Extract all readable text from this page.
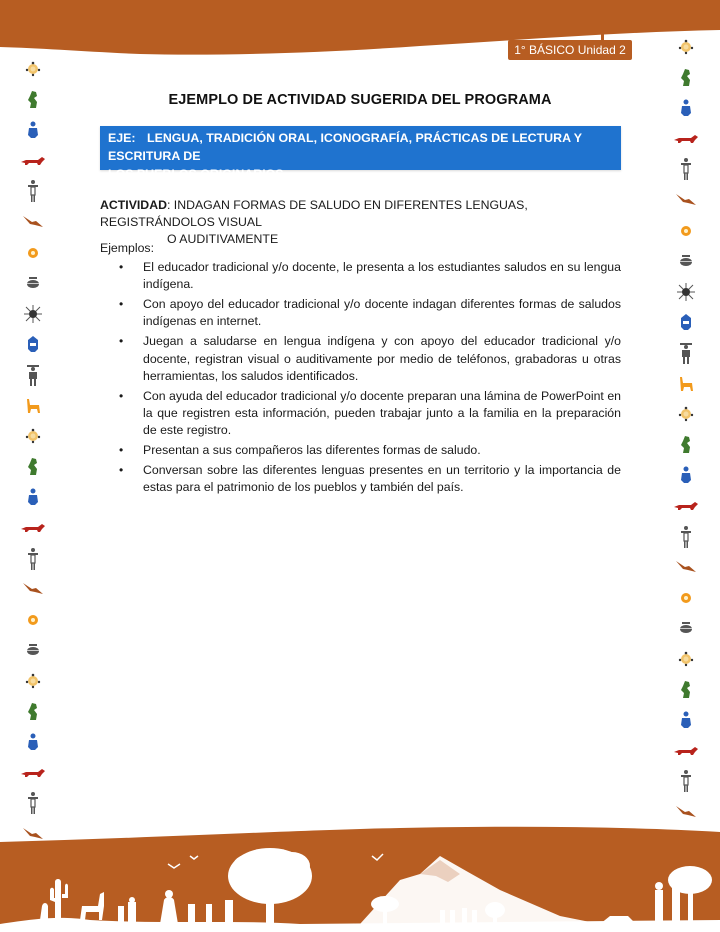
1° BÁSICO Unidad 2
EJEMPLO DE ACTIVIDAD SUGERIDA DEL PROGRAMA
EJE: LENGUA, TRADICIÓN ORAL, ICONOGRAFÍA, PRÁCTICAS DE LECTURA Y ESCRITURA DE
LOS PUEBLOS ORIGINARIOS.
ACTIVIDAD: INDAGAN FORMAS DE SALUDO EN DIFERENTES LENGUAS, REGISTRÁNDOLOS VISUAL
O AUDITIVAMENTE
Ejemplos:
• El educador tradicional y/o docente, le presenta a los estudiantes saludos en su lengua indígena.
• Con apoyo del educador tradicional y/o docente indagan diferentes formas de saludos indígenas en internet.
• Juegan a saludarse en lengua indígena y con apoyo del educador tradicional y/o docente, registran visual o auditivamente por medio de teléfonos, grabadoras u otras herramientas, los saludos identificados.
• Con ayuda del educador tradicional y/o docente preparan una lámina de PowerPoint en la que registren esta información, pueden trabajar junto a la familia en la preparación de este registro.
• Presentan a sus compañeros las diferentes formas de saludo.
• Conversan sobre las diferentes lenguas presentes en un territorio y la importancia de estas para el patrimonio de los pueblos y también del país.
